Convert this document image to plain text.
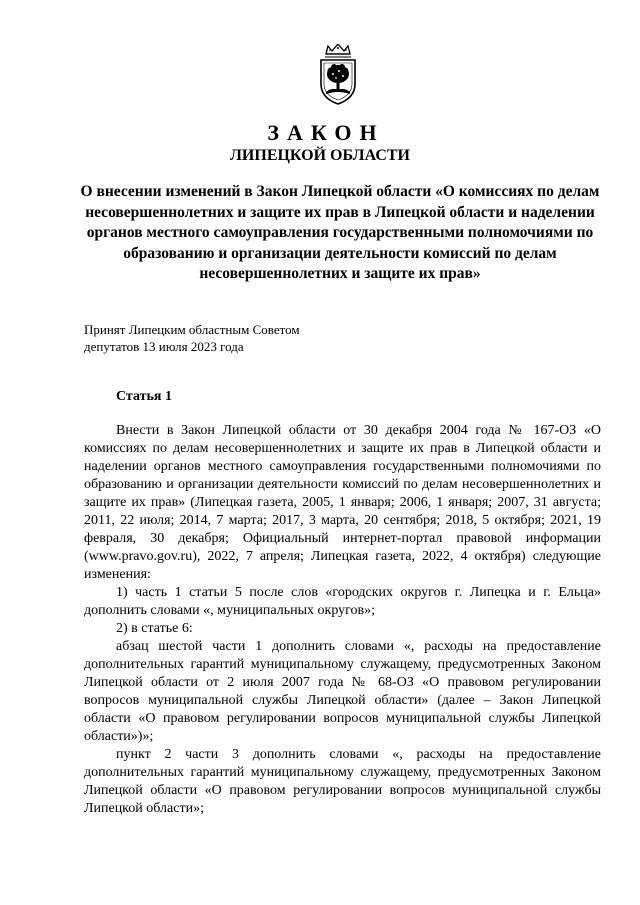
ЗАКОН
ЛИПЕЦКОЙ ОБЛАСТИ
О внесении изменений в Закон Липецкой области «О комиссиях по делам несовершеннолетних и защите их прав в Липецкой области и наделении органов местного самоуправления государственными полномочиями по образованию и организации деятельности комиссий по делам несовершеннолетних и защите их прав»
Принят Липецким областным Советом
депутатов 13 июля 2023 года
Статья 1

Внести в Закон Липецкой области от 30 декабря 2004 года № 167-ОЗ «О комиссиях по делам несовершеннолетних и защите их прав в Липецкой области и наделении органов местного самоуправления государственными полномочиями по образованию и организации деятельности комиссий по делам несовершеннолетних и защите их прав» (Липецкая газета, 2005, 1 января; 2006, 1 января; 2007, 31 августа; 2011, 22 июля; 2014, 7 марта; 2017, 3 марта, 20 сентября; 2018, 5 октября; 2021, 19 февраля, 30 декабря; Официальный интернет-портал правовой информации (www.pravo.gov.ru), 2022, 7 апреля; Липецкая газета, 2022, 4 октября) следующие изменения:

1) часть 1 статьи 5 после слов «городских округов г. Липецка и г. Ельца» дополнить словами «, муниципальных округов»;

2) в статье 6:

абзац шестой части 1 дополнить словами «, расходы на предоставление дополнительных гарантий муниципальному служащему, предусмотренных Законом Липецкой области от 2 июля 2007 года № 68-ОЗ «О правовом регулировании вопросов муниципальной службы Липецкой области» (далее – Закон Липецкой области «О правовом регулировании вопросов муниципальной службы Липецкой области»)»;

пункт 2 части 3 дополнить словами «, расходы на предоставление дополнительных гарантий муниципальному служащему, предусмотренных Законом Липецкой области «О правовом регулировании вопросов муниципальной службы Липецкой области»;
